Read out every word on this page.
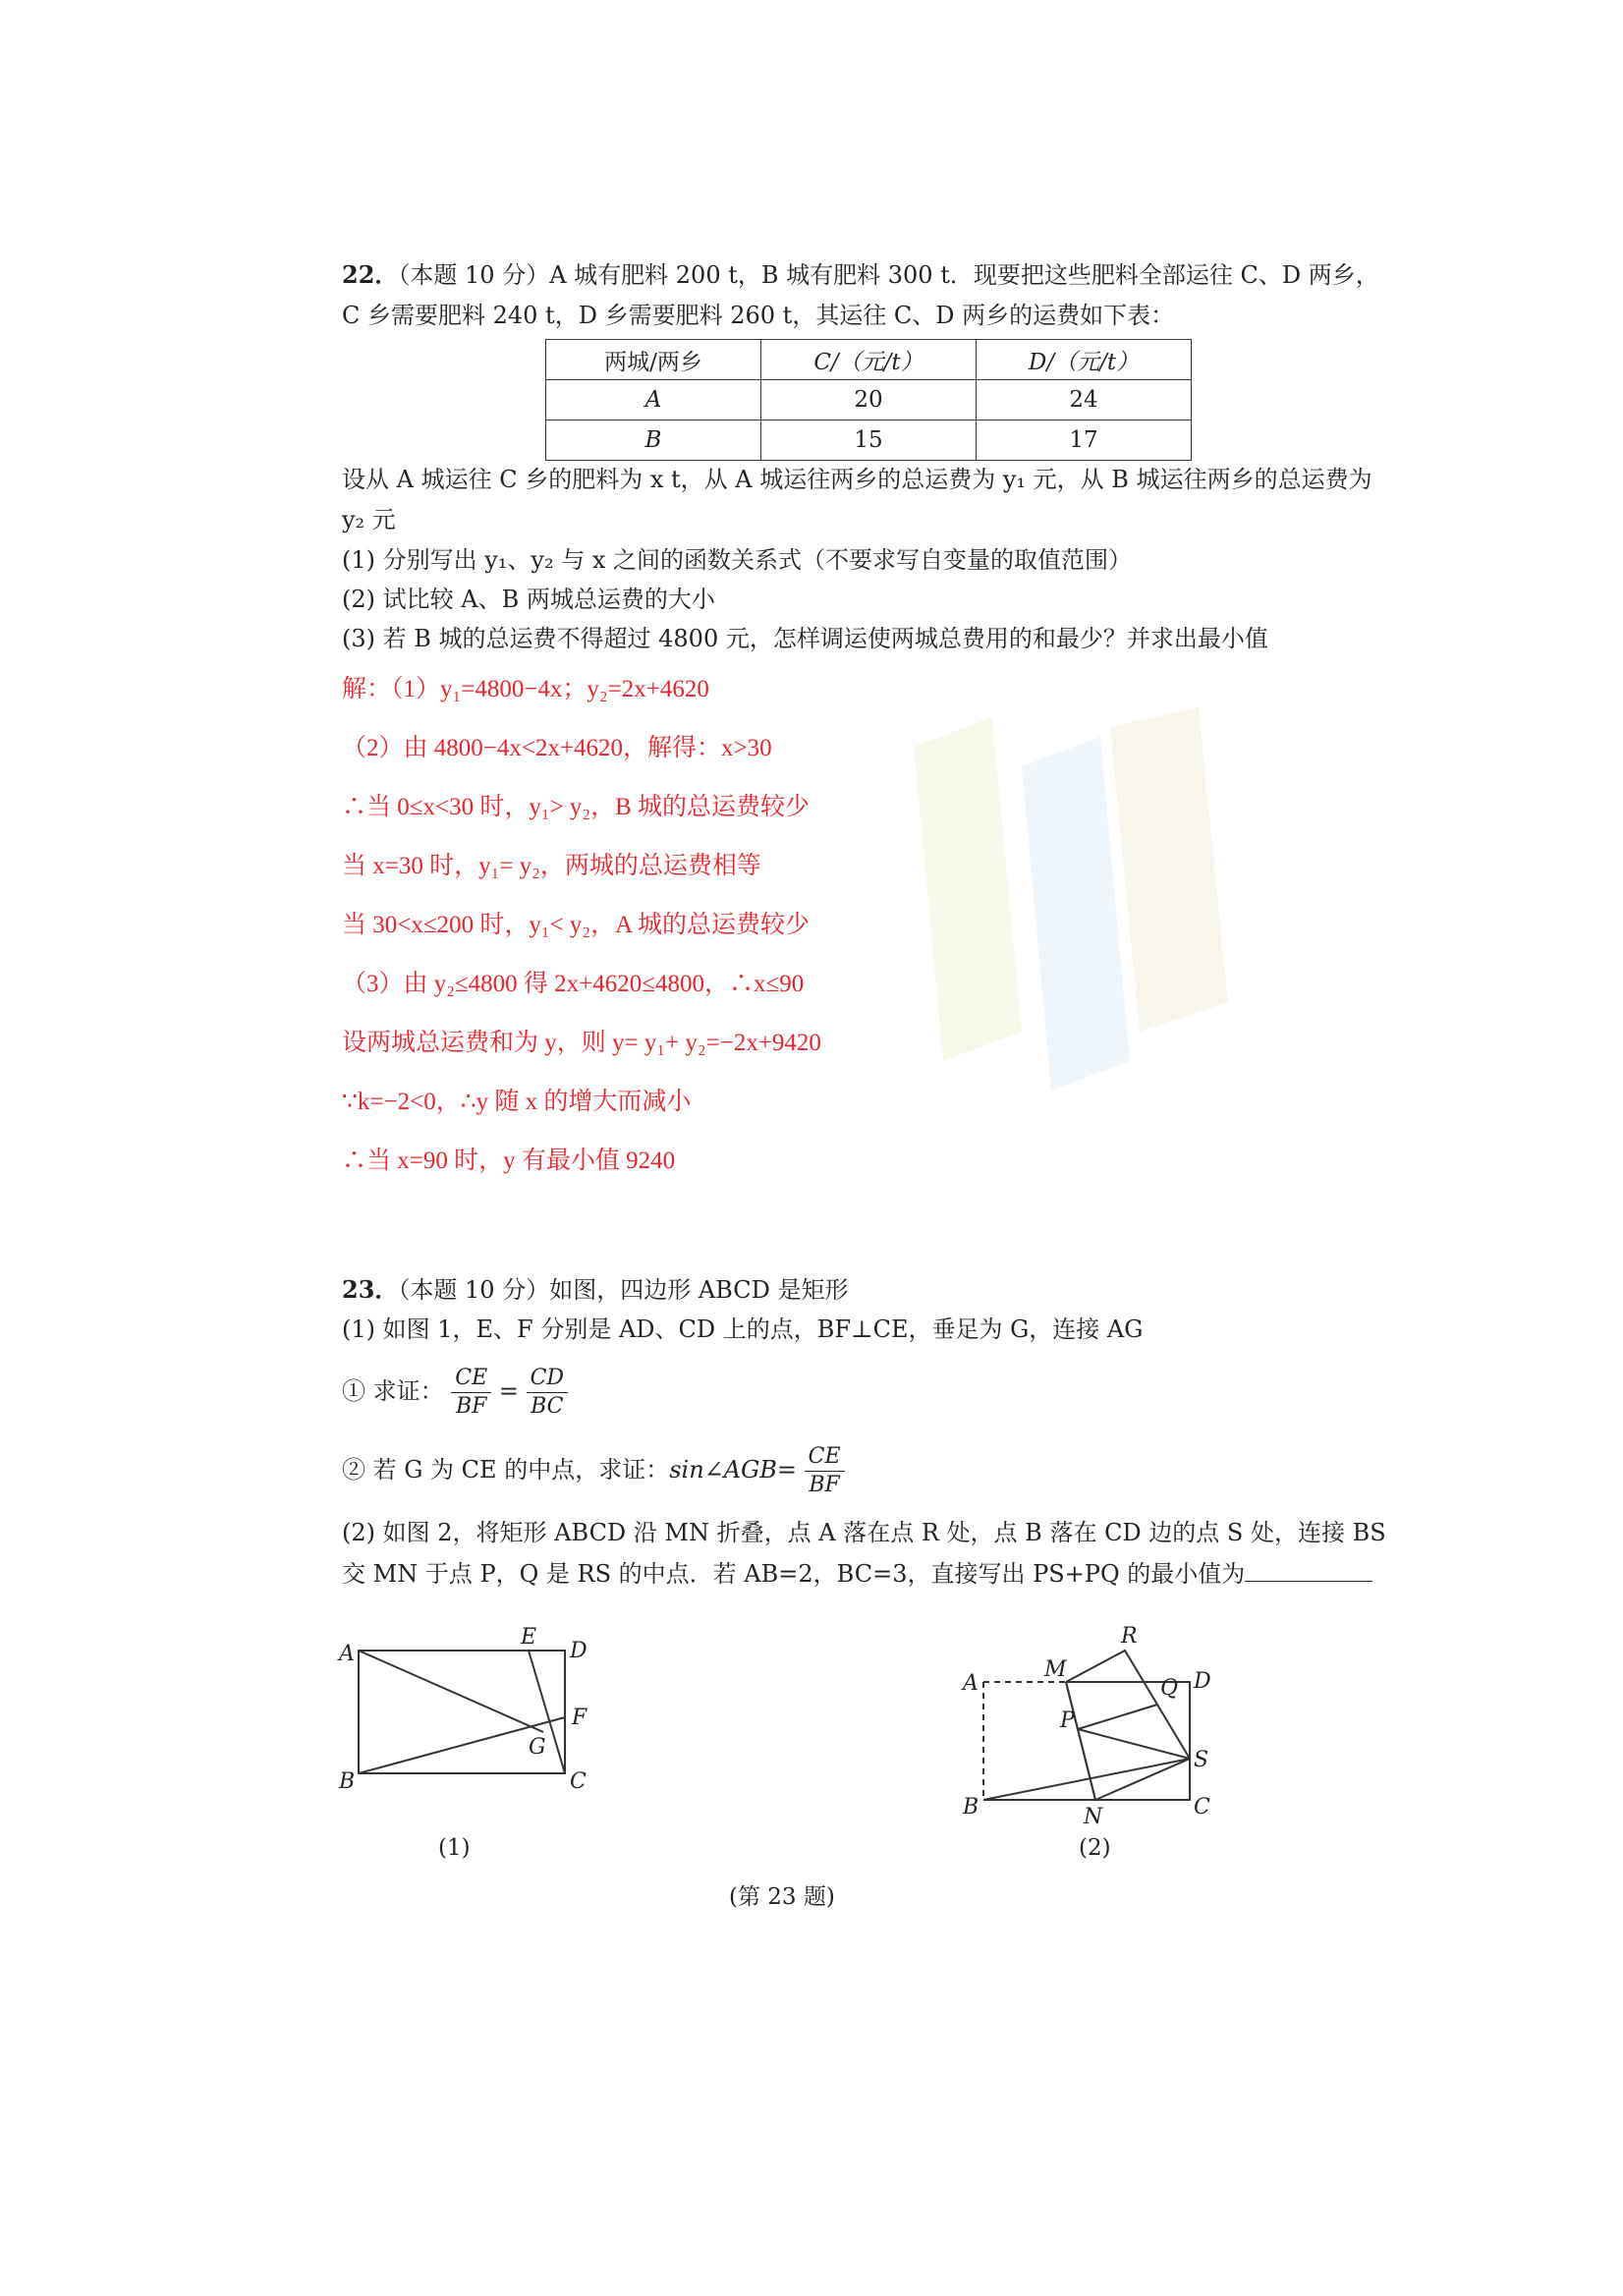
22．（本题 10 分）A 城有肥料 200 t，B 城有肥料 300 t．现要把这些肥料全部运往 C、D 两乡，
C 乡需要肥料 240 t，D 乡需要肥料 260 t，其运往 C、D 两乡的运费如下表：
两城/两乡	C/（元/t）	D/（元/t）
A	20	24
B	15	17
设从 A 城运往 C 乡的肥料为 x t，从 A 城运往两乡的总运费为 y₁ 元，从 B 城运往两乡的总运费为
y₂ 元
(1) 分别写出 y₁、y₂ 与 x 之间的函数关系式（不要求写自变量的取值范围）
(2) 试比较 A、B 两城总运费的大小
(3) 若 B 城的总运费不得超过 4800 元，怎样调运使两城总费用的和最少？并求出最小值
解：（1）y₁=4800−4x；y₂=2x+4620
（2）由 4800−4x<2x+4620，解得：x>30
∴当 0≤x<30 时，y₁> y₂，B 城的总运费较少
当 x=30 时，y₁= y₂，两城的总运费相等
当 30<x≤200 时，y₁< y₂，A 城的总运费较少
（3）由 y₂≤4800 得 2x+4620≤4800，∴x≤90
设两城总运费和为 y，则 y= y₁+ y₂=−2x+9420
∵k=−2<0，∴y 随 x 的增大而减小
∴当 x=90 时，y 有最小值 9240
23．（本题 10 分）如图，四边形 ABCD 是矩形
(1) 如图 1，E、F 分别是 AD、CD 上的点，BF⊥CE，垂足为 G，连接 AG
① 求证： $\frac{CE}{BF} = \frac{CD}{BC}$
② 若 G 为 CE 的中点，求证：sin∠AGB= $\frac{CE}{BF}$
(2) 如图 2，将矩形 ABCD 沿 MN 折叠，点 A 落在点 R 处，点 B 落在 CD 边的点 S 处，连接 BS
交 MN 于点 P，Q 是 RS 的中点．若 AB=2，BC=3，直接写出 PS+PQ 的最小值为
A
B	C
D
E
F
G
(1)
A
B	C
D
M
N
P
Q
R
S
(2)
(第 23 题)
